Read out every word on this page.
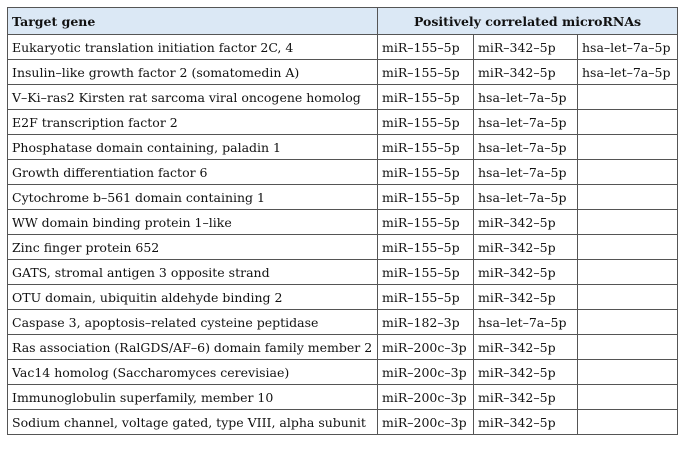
Target gene	Positively correlated microRNAs		
Eukaryotic translation initiation factor 2C, 4	miR–155–5p	miR–342–5p	hsa–let–7a–5p
Insulin–like growth factor 2 (somatomedin A)	miR–155–5p	miR–342–5p	hsa–let–7a–5p
V–Ki–ras2 Kirsten rat sarcoma viral oncogene homolog	miR–155–5p	hsa–let–7a–5p	
E2F transcription factor 2	miR–155–5p	hsa–let–7a–5p	
Phosphatase domain containing, paladin 1	miR–155–5p	hsa–let–7a–5p	
Growth differentiation factor 6	miR–155–5p	hsa–let–7a–5p	
Cytochrome b–561 domain containing 1	miR–155–5p	hsa–let–7a–5p	
WW domain binding protein 1–like	miR–155–5p	miR–342–5p	
Zinc finger protein 652	miR–155–5p	miR–342–5p	
GATS, stromal antigen 3 opposite strand	miR–155–5p	miR–342–5p	
OTU domain, ubiquitin aldehyde binding 2	miR–155–5p	miR–342–5p	
Caspase 3, apoptosis–related cysteine peptidase	miR–182–3p	hsa–let–7a–5p	
Ras association (RalGDS/AF–6) domain family member 2	miR–200c–3p	miR–342–5p	
Vac14 homolog (Saccharomyces cerevisiae)	miR–200c–3p	miR–342–5p	
Immunoglobulin superfamily, member 10	miR–200c–3p	miR–342–5p	
Sodium channel, voltage gated, type VIII, alpha subunit	miR–200c–3p	miR–342–5p	
